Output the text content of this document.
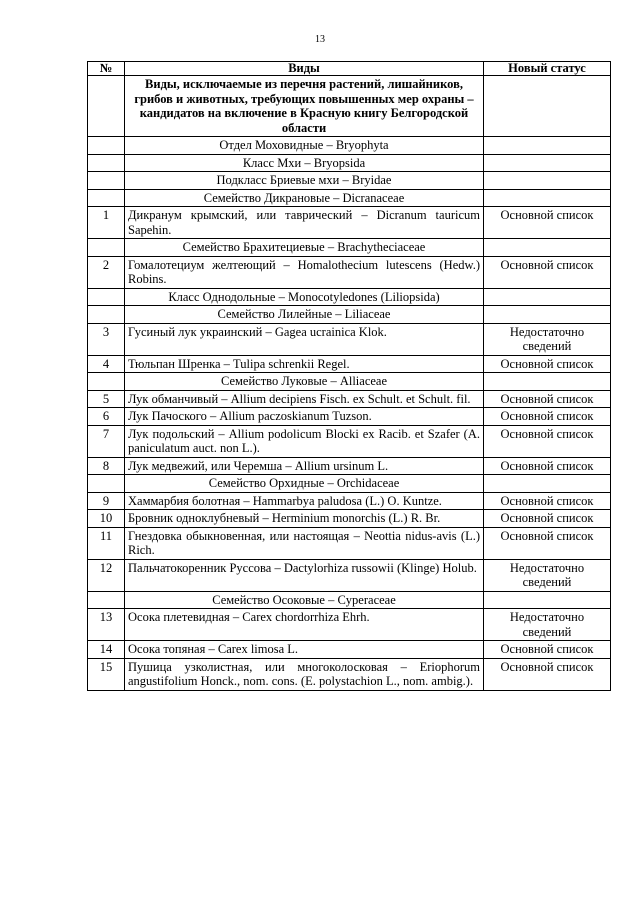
13
№	Виды	Новый статус
	Виды, исключаемые из перечня растений, лишайников, грибов и животных, требующих повышенных мер охраны – кандидатов на включение в Красную книгу Белгородской области	
	Отдел Моховидные – Bryophyta	
	Класс Мхи – Bryopsida	
	Подкласс Бриевые мхи – Bryidae	
	Семейство Дикрановые – Dicranaceae	
1	Дикранум крымский, или таврический – Dicranum tauricum Sapehin.	Основной список
	Семейство Брахитециевые – Brachytheciaceae	
2	Гомалотециум желтеющий – Homalothecium lutescens (Hedw.) Robins.	Основной список
	Класс Однодольные – Monocotyledones (Liliopsida)	
	Семейство Лилейные – Liliaceae	
3	Гусиный лук украинский – Gagea ucrainica Klok.	Недостаточно сведений
4	Тюльпан Шренка – Tulipa schrenkii Regel.	Основной список
	Семейство Луковые – Alliaceae	
5	Лук обманчивый – Allium decipiens Fisch. ex Schult. et Schult. fil.	Основной список
6	Лук Пачоского – Allium paczoskianum Tuzson.	Основной список
7	Лук подольский – Allium podolicum Blocki ex Racib. et Szafer (A. paniculatum auct. non L.).	Основной список
8	Лук медвежий, или Черемша – Allium ursinum L.	Основной список
	Семейство Орхидные – Orchidaceae	
9	Хаммарбия болотная – Hammarbya paludosa (L.) O. Kuntze.	Основной список
10	Бровник одноклубневый – Herminium monorchis (L.) R. Br.	Основной список
11	Гнездовка обыкновенная, или настоящая – Neottia nidus-avis (L.) Rich.	Основной список
12	Пальчатокоренник Руссова – Dactylorhiza russowii (Klinge) Holub.	Недостаточно сведений
	Семейство Осоковые – Cyperaceae	
13	Осока плетевидная – Carex chordorrhiza Ehrh.	Недостаточно сведений
14	Осока топяная – Carex limosa L.	Основной список
15	Пушица узколистная, или многоколосковая – Eriophorum angustifolium Honck., nom. cons. (E. polystachion L., nom. ambig.).	Основной список
